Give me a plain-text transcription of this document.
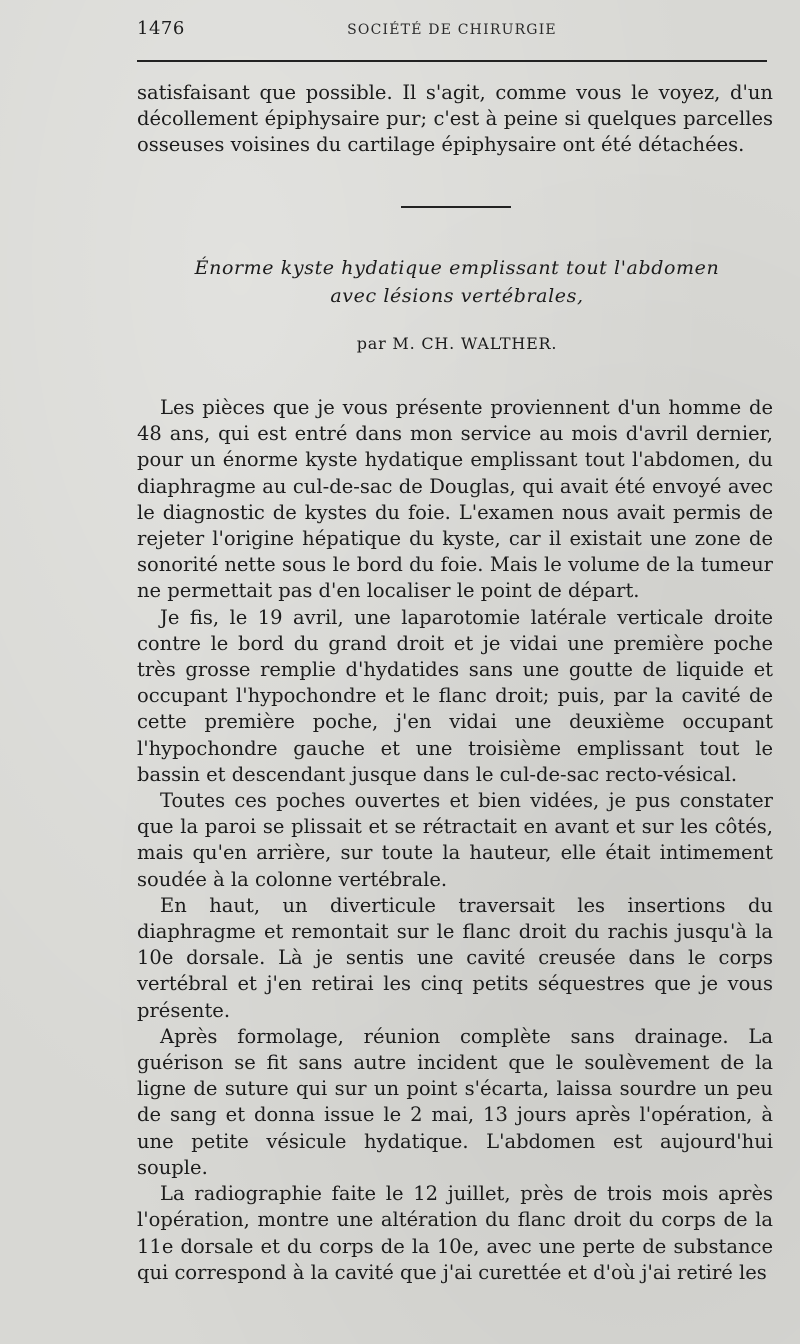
1476	SOCIÉTÉ DE CHIRURGIE

satisfaisant que possible. Il s'agit, comme vous le voyez, d'un décollement épiphysaire pur; c'est à peine si quelques parcelles osseuses voisines du cartilage épiphysaire ont été détachées.

Énorme kyste hydatique emplissant tout l'abdomen
avec lésions vertébrales,
par M. CH. WALTHER.

Les pièces que je vous présente proviennent d'un homme de 48 ans, qui est entré dans mon service au mois d'avril dernier, pour un énorme kyste hydatique emplissant tout l'abdomen, du diaphragme au cul-de-sac de Douglas, qui avait été envoyé avec le diagnostic de kystes du foie. L'examen nous avait permis de rejeter l'origine hépatique du kyste, car il existait une zone de sonorité nette sous le bord du foie. Mais le volume de la tumeur ne permettait pas d'en localiser le point de départ.

Je fis, le 19 avril, une laparotomie latérale verticale droite contre le bord du grand droit et je vidai une première poche très grosse remplie d'hydatides sans une goutte de liquide et occupant l'hypochondre et le flanc droit; puis, par la cavité de cette première poche, j'en vidai une deuxième occupant l'hypochondre gauche et une troisième emplissant tout le bassin et descendant jusque dans le cul-de-sac recto-vésical.

Toutes ces poches ouvertes et bien vidées, je pus constater que la paroi se plissait et se rétractait en avant et sur les côtés, mais qu'en arrière, sur toute la hauteur, elle était intimement soudée à la colonne vertébrale.

En haut, un diverticule traversait les insertions du diaphragme et remontait sur le flanc droit du rachis jusqu'à la 10e dorsale. Là je sentis une cavité creusée dans le corps vertébral et j'en retirai les cinq petits séquestres que je vous présente.

Après formolage, réunion complète sans drainage. La guérison se fit sans autre incident que le soulèvement de la ligne de suture qui sur un point s'écarta, laissa sourdre un peu de sang et donna issue le 2 mai, 13 jours après l'opération, à une petite vésicule hydatique. L'abdomen est aujourd'hui souple.

La radiographie faite le 12 juillet, près de trois mois après l'opération, montre une altération du flanc droit du corps de la 11e dorsale et du corps de la 10e, avec une perte de substance qui correspond à la cavité que j'ai curettée et d'où j'ai retiré les
